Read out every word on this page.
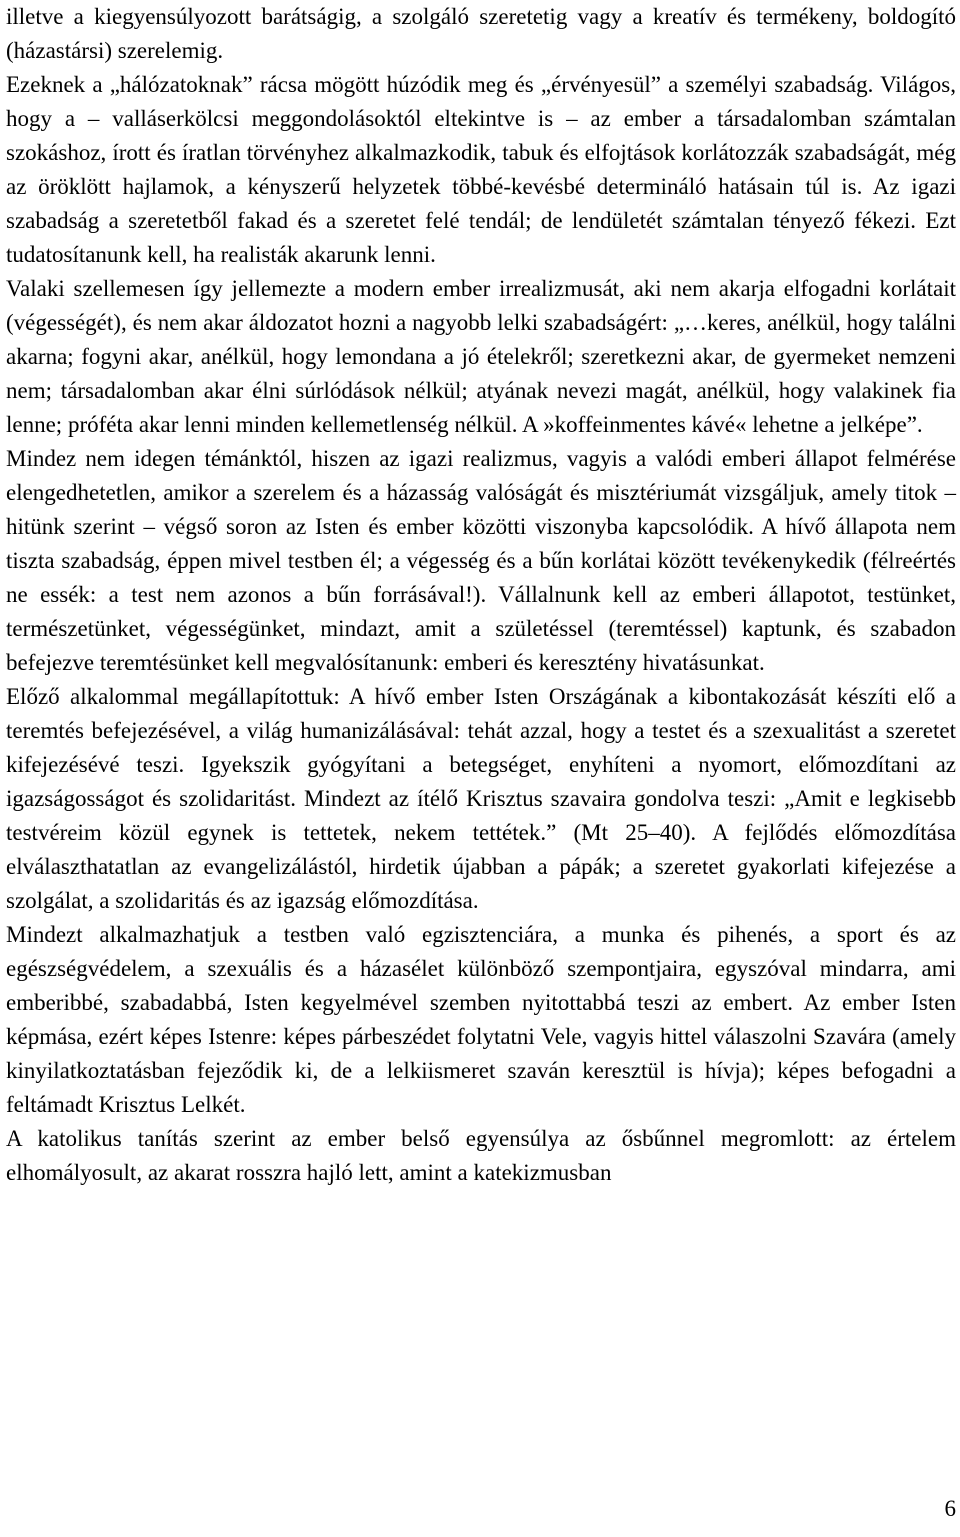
illetve a kiegyensúlyozott barátságig, a szolgáló szeretetig vagy a kreatív és termékeny, boldogító (házastársi) szerelemig.

Ezeknek a „hálózatoknak” rácsa mögött húzódik meg és „érvényesül” a személyi szabadság. Világos, hogy a – valláserkölcsi meggondolásoktól eltekintve is – az ember a társadalomban számtalan szokáshoz, írott és íratlan törvényhez alkalmazkodik, tabuk és elfojtások korlátozzák szabadságát, még az öröklött hajlamok, a kényszerű helyzetek többé-kevésbé determináló hatásain túl is. Az igazi szabadság a szeretetből fakad és a szeretet felé tendál; de lendületét számtalan tényező fékezi. Ezt tudatosítanunk kell, ha realisták akarunk lenni.

Valaki szellemesen így jellemezte a modern ember irrealizmusát, aki nem akarja elfogadni korlátait (végességét), és nem akar áldozatot hozni a nagyobb lelki szabadságért: „…keres, anélkül, hogy találni akarna; fogyni akar, anélkül, hogy lemondana a jó ételekről; szeretkezni akar, de gyermeket nemzeni nem; társadalomban akar élni súrlódások nélkül; atyának nevezi magát, anélkül, hogy valakinek fia lenne; próféta akar lenni minden kellemetlenség nélkül. A »koffeinmentes kávé« lehetne a jelképe”.

Mindez nem idegen témánktól, hiszen az igazi realizmus, vagyis a valódi emberi állapot felmérése elengedhetetlen, amikor a szerelem és a házasság valóságát és misztériumát vizsgáljuk, amely titok – hitünk szerint – végső soron az Isten és ember közötti viszonyba kapcsolódik. A hívő állapota nem tiszta szabadság, éppen mivel testben él; a végesség és a bűn korlátai között tevékenykedik (félreértés ne essék: a test nem azonos a bűn forrásával!). Vállalnunk kell az emberi állapotot, testünket, természetünket, végességünket, mindazt, amit a születéssel (teremtéssel) kaptunk, és szabadon befejezve teremtésünket kell megvalósítanunk: emberi és keresztény hivatásunkat.

Előző alkalommal megállapítottuk: A hívő ember Isten Országának a kibontakozását készíti elő a teremtés befejezésével, a világ humanizálásával: tehát azzal, hogy a testet és a szexualitást a szeretet kifejezésévé teszi. Igyekszik gyógyítani a betegséget, enyhíteni a nyomort, előmozdítani az igazságosságot és szolidaritást. Mindezt az ítélő Krisztus szavaira gondolva teszi: „Amit e legkisebb testvéreim közül egynek is tettetek, nekem tettétek.” (Mt 25–40). A fejlődés előmozdítása elválaszthatatlan az evangelizálástól, hirdetik újabban a pápák; a szeretet gyakorlati kifejezése a szolgálat, a szolidaritás és az igazság előmozdítása.

Mindezt alkalmazhatjuk a testben való egzisztenciára, a munka és pihenés, a sport és az egészségvédelem, a szexuális és a házasélet különböző szempontjaira, egyszóval mindarra, ami emberibbé, szabadabbá, Isten kegyelmével szemben nyitottabbá teszi az embert. Az ember Isten képmása, ezért képes Istenre: képes párbeszédet folytatni Vele, vagyis hittel válaszolni Szavára (amely kinyilatkoztatásban fejeződik ki, de a lelkiismeret szaván keresztül is hívja); képes befogadni a feltámadt Krisztus Lelkét.

A katolikus tanítás szerint az ember belső egyensúlya az ősbűnnel megromlott: az értelem elhomályosult, az akarat rosszra hajló lett, amint a katekizmusban

6
